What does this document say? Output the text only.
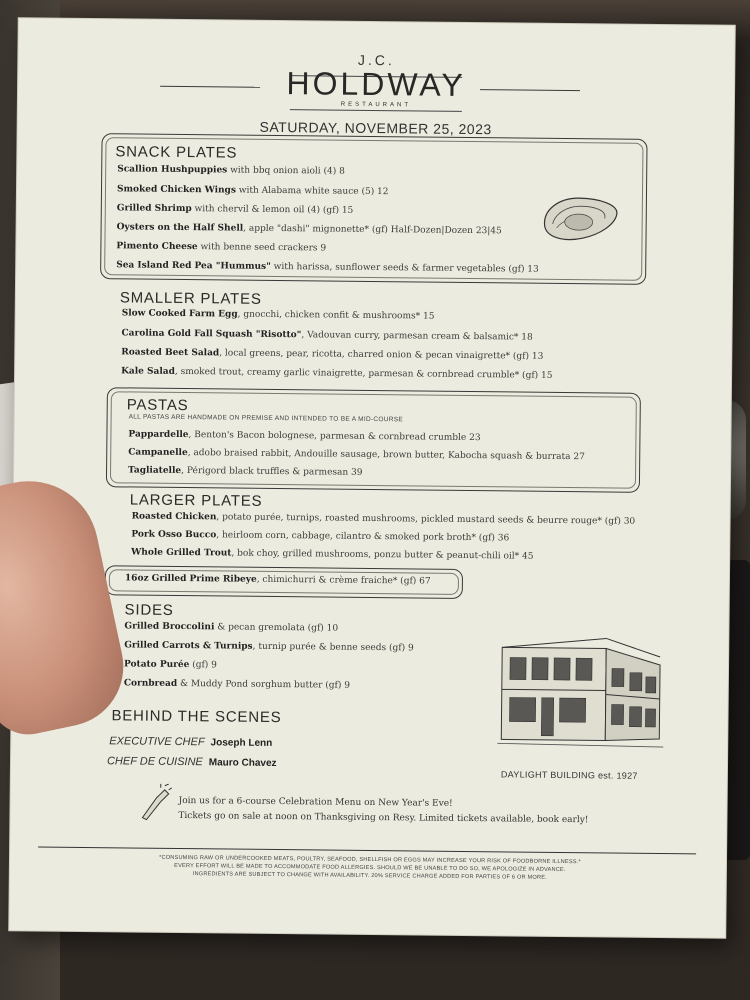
J.C.
HOLDWAY
RESTAURANT
SATURDAY, NOVEMBER 25, 2023
SNACK PLATES
Scallion Hushpuppies with bbq onion aioli (4) 8
Smoked Chicken Wings with Alabama white sauce (5) 12
Grilled Shrimp with chervil & lemon oil (4) (gf) 15
Oysters on the Half Shell, apple "dashi" mignonette* (gf) Half-Dozen|Dozen 23|45
Pimento Cheese with benne seed crackers 9
Sea Island Red Pea "Hummus" with harissa, sunflower seeds & farmer vegetables (gf) 13
SMALLER PLATES
Slow Cooked Farm Egg, gnocchi, chicken confit & mushrooms* 15
Carolina Gold Fall Squash "Risotto", Vadouvan curry, parmesan cream & balsamic* 18
Roasted Beet Salad, local greens, pear, ricotta, charred onion & pecan vinaigrette* (gf) 13
Kale Salad, smoked trout, creamy garlic vinaigrette, parmesan & cornbread crumble* (gf) 15
PASTAS
ALL PASTAS ARE HANDMADE ON PREMISE AND INTENDED TO BE A MID-COURSE
Pappardelle, Benton's Bacon bolognese, parmesan & cornbread crumble 23
Campanelle, adobo braised rabbit, Andouille sausage, brown butter, Kabocha squash & burrata 27
Tagliatelle, Périgord black truffles & parmesan 39
LARGER PLATES
Roasted Chicken, potato purée, turnips, roasted mushrooms, pickled mustard seeds & beurre rouge* (gf) 30
Pork Osso Bucco, heirloom corn, cabbage, cilantro & smoked pork broth* (gf) 36
Whole Grilled Trout, bok choy, grilled mushrooms, ponzu butter & peanut-chili oil* 45
16oz Grilled Prime Ribeye, chimichurri & crème fraiche* (gf) 67
SIDES
Grilled Broccolini & pecan gremolata (gf) 10
Grilled Carrots & Turnips, turnip purée & benne seeds (gf) 9
Potato Purée (gf) 9
Cornbread & Muddy Pond sorghum butter (gf) 9
DAYLIGHT BUILDING est. 1927
BEHIND THE SCENES
EXECUTIVE CHEF Joseph Lenn
CHEF DE CUISINE Mauro Chavez
Join us for a 6-course Celebration Menu on New Year's Eve!
Tickets go on sale at noon on Thanksgiving on Resy. Limited tickets available, book early!
*CONSUMING RAW OR UNDERCOOKED MEATS, POULTRY, SEAFOOD, SHELLFISH OR EGGS MAY INCREASE YOUR RISK OF FOODBORNE ILLNESS.*
EVERY EFFORT WILL BE MADE TO ACCOMMODATE FOOD ALLERGIES. SHOULD WE BE UNABLE TO DO SO, WE APOLOGIZE IN ADVANCE.
INGREDIENTS ARE SUBJECT TO CHANGE WITH AVAILABILITY. 20% SERVICE CHARGE ADDED FOR PARTIES OF 6 OR MORE.
